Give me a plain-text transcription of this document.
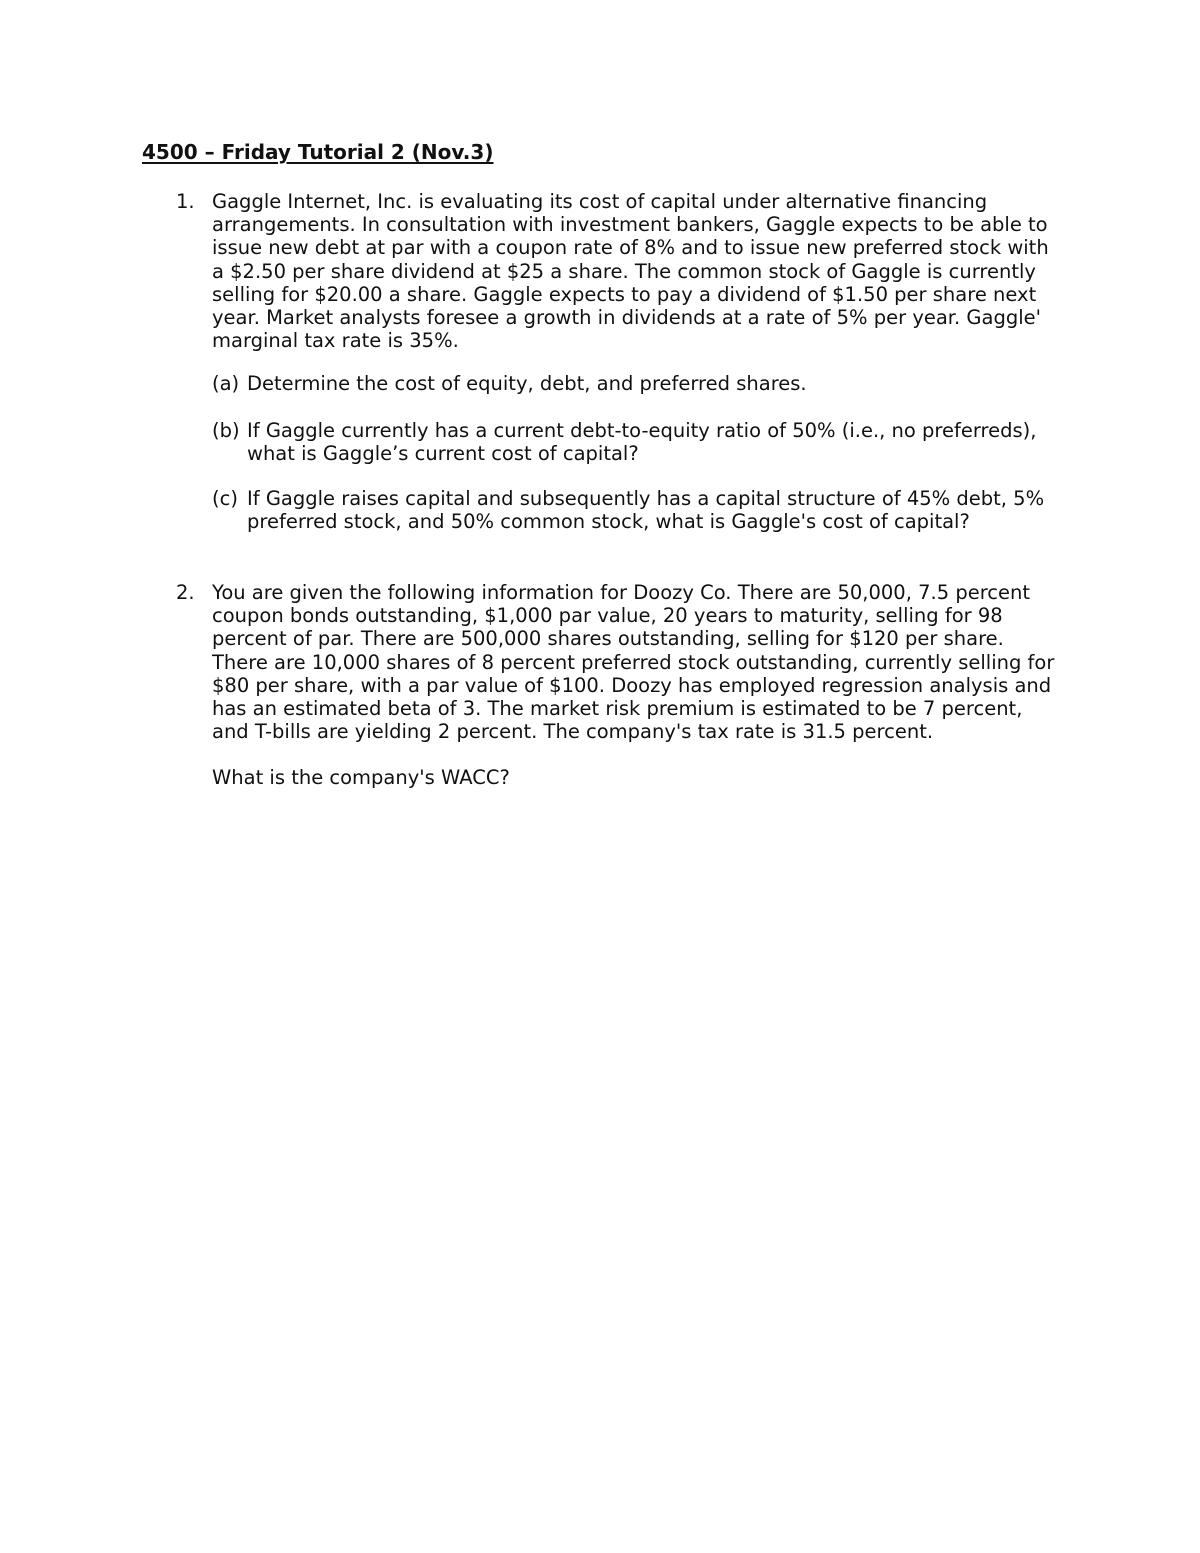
4500 – Friday Tutorial 2 (Nov.3)
1. Gaggle Internet, Inc. is evaluating its cost of capital under alternative financing
arrangements. In consultation with investment bankers, Gaggle expects to be able to
issue new debt at par with a coupon rate of 8% and to issue new preferred stock with
a $2.50 per share dividend at $25 a share. The common stock of Gaggle is currently
selling for $20.00 a share. Gaggle expects to pay a dividend of $1.50 per share next
year. Market analysts foresee a growth in dividends at a rate of 5% per year. Gaggle'
marginal tax rate is 35%.
(a) Determine the cost of equity, debt, and preferred shares.
(b) If Gaggle currently has a current debt-to-equity ratio of 50% (i.e., no preferreds),
what is Gaggle’s current cost of capital?
(c) If Gaggle raises capital and subsequently has a capital structure of 45% debt, 5%
preferred stock, and 50% common stock, what is Gaggle's cost of capital?
2. You are given the following information for Doozy Co. There are 50,000, 7.5 percent
coupon bonds outstanding, $1,000 par value, 20 years to maturity, selling for 98
percent of par. There are 500,000 shares outstanding, selling for $120 per share.
There are 10,000 shares of 8 percent preferred stock outstanding, currently selling for
$80 per share, with a par value of $100. Doozy has employed regression analysis and
has an estimated beta of 3. The market risk premium is estimated to be 7 percent,
and T-bills are yielding 2 percent. The company's tax rate is 31.5 percent.
What is the company's WACC?
